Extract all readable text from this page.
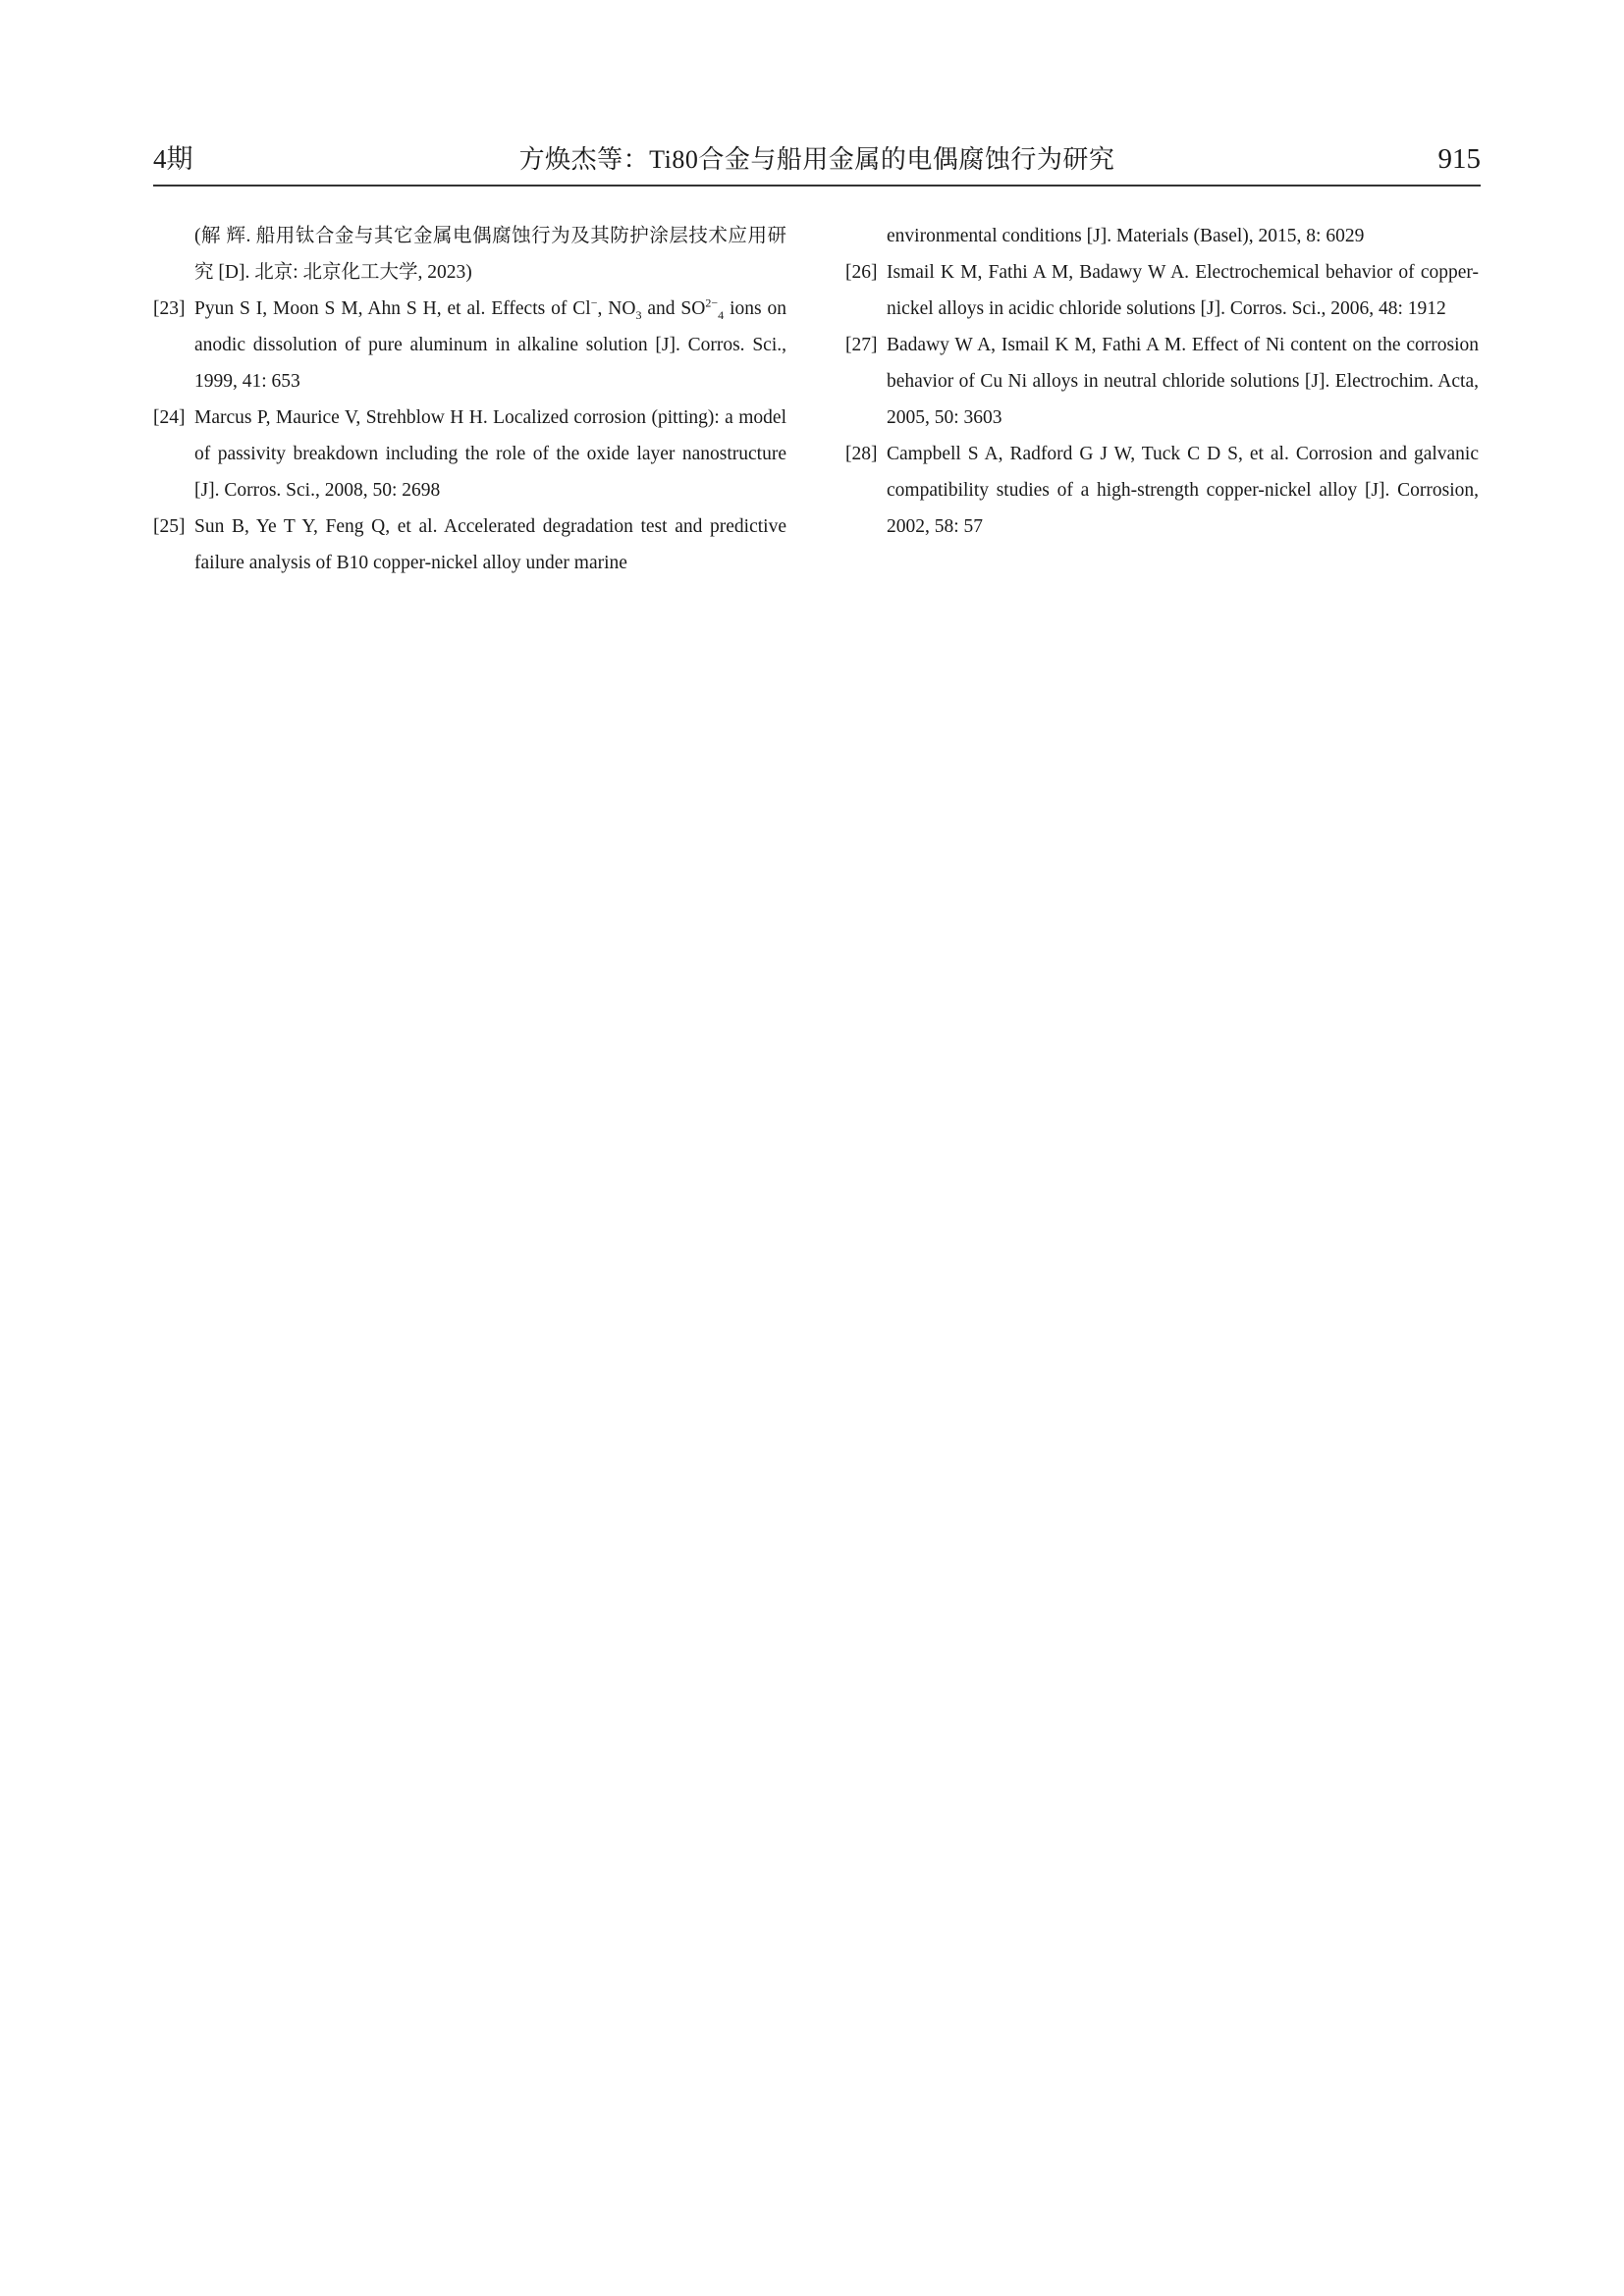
4期	方焕杰等：Ti80合金与船用金属的电偶腐蚀行为研究	915
(解 辉. 船用钛合金与其它金属电偶腐蚀行为及其防护涂层技术应用研究 [D]. 北京: 北京化工大学, 2023)
[23] Pyun S I, Moon S M, Ahn S H, et al. Effects of Cl−, $NO_3$ and $SO^{2-}_4$ ions on anodic dissolution of pure aluminum in alkaline solution [J]. Corros. Sci., 1999, 41: 653
[24] Marcus P, Maurice V, Strehblow H H. Localized corrosion (pitting): a model of passivity breakdown including the role of the oxide layer nanostructure [J]. Corros. Sci., 2008, 50: 2698
[25] Sun B, Ye T Y, Feng Q, et al. Accelerated degradation test and predictive failure analysis of B10 copper-nickel alloy under marine
environmental conditions [J]. Materials (Basel), 2015, 8: 6029
[26] Ismail K M, Fathi A M, Badawy W A. Electrochemical behavior of copper-nickel alloys in acidic chloride solutions [J]. Corros. Sci., 2006, 48: 1912
[27] Badawy W A, Ismail K M, Fathi A M. Effect of Ni content on the corrosion behavior of Cu Ni alloys in neutral chloride solutions [J]. Electrochim. Acta, 2005, 50: 3603
[28] Campbell S A, Radford G J W, Tuck C D S, et al. Corrosion and galvanic compatibility studies of a high-strength copper-nickel alloy [J]. Corrosion, 2002, 58: 57
